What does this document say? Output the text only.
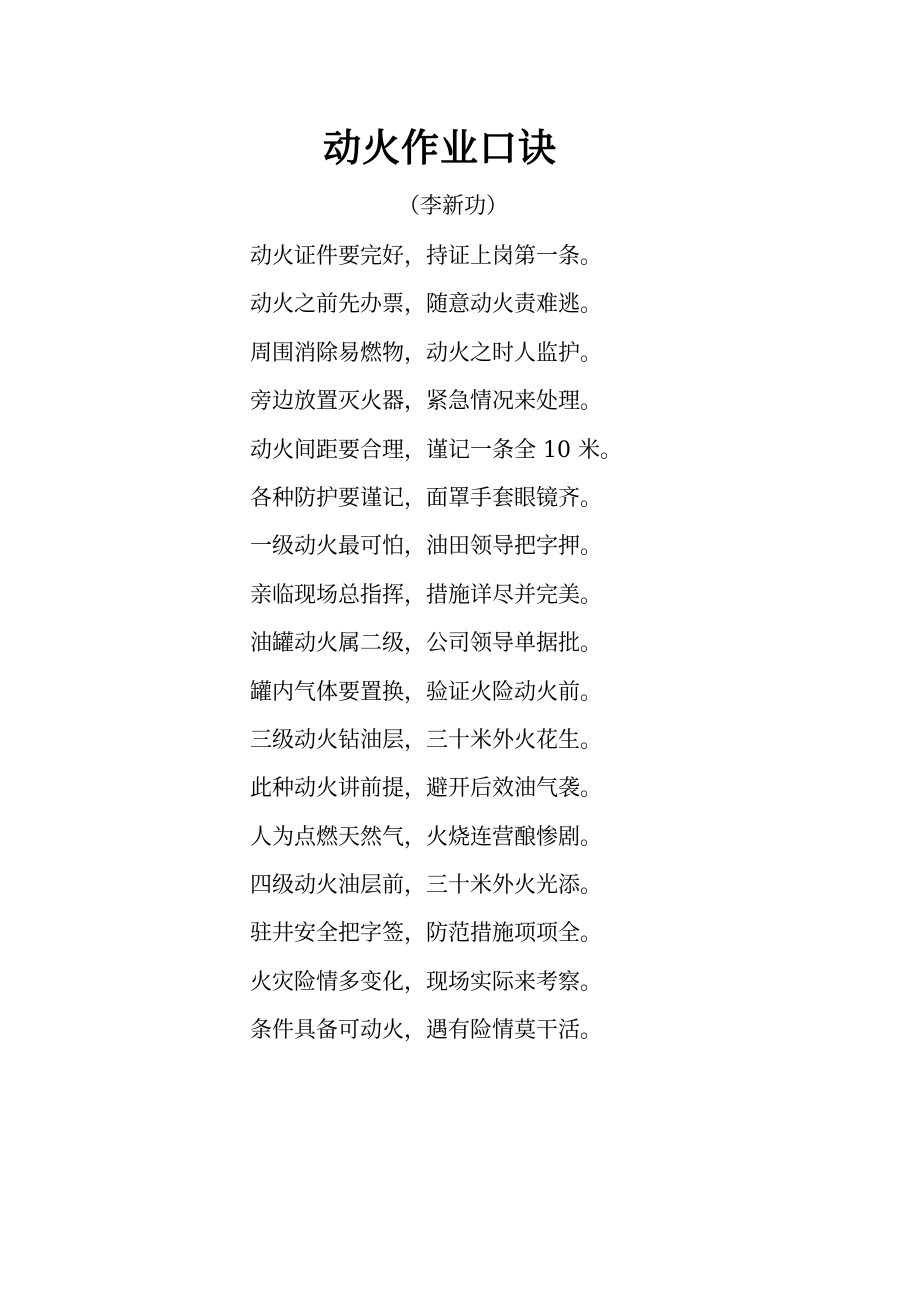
动火作业口诀
（李新功）
动火证件要完好，持证上岗第一条。
动火之前先办票，随意动火责难逃。
周围消除易燃物，动火之时人监护。
旁边放置灭火器，紧急情况来处理。
动火间距要合理，谨记一条全 10 米。
各种防护要谨记，面罩手套眼镜齐。
一级动火最可怕，油田领导把字押。
亲临现场总指挥，措施详尽并完美。
油罐动火属二级，公司领导单据批。
罐内气体要置换，验证火险动火前。
三级动火钻油层，三十米外火花生。
此种动火讲前提，避开后效油气袭。
人为点燃天然气，火烧连营酿惨剧。
四级动火油层前，三十米外火光添。
驻井安全把字签，防范措施项项全。
火灾险情多变化，现场实际来考察。
条件具备可动火，遇有险情莫干活。
